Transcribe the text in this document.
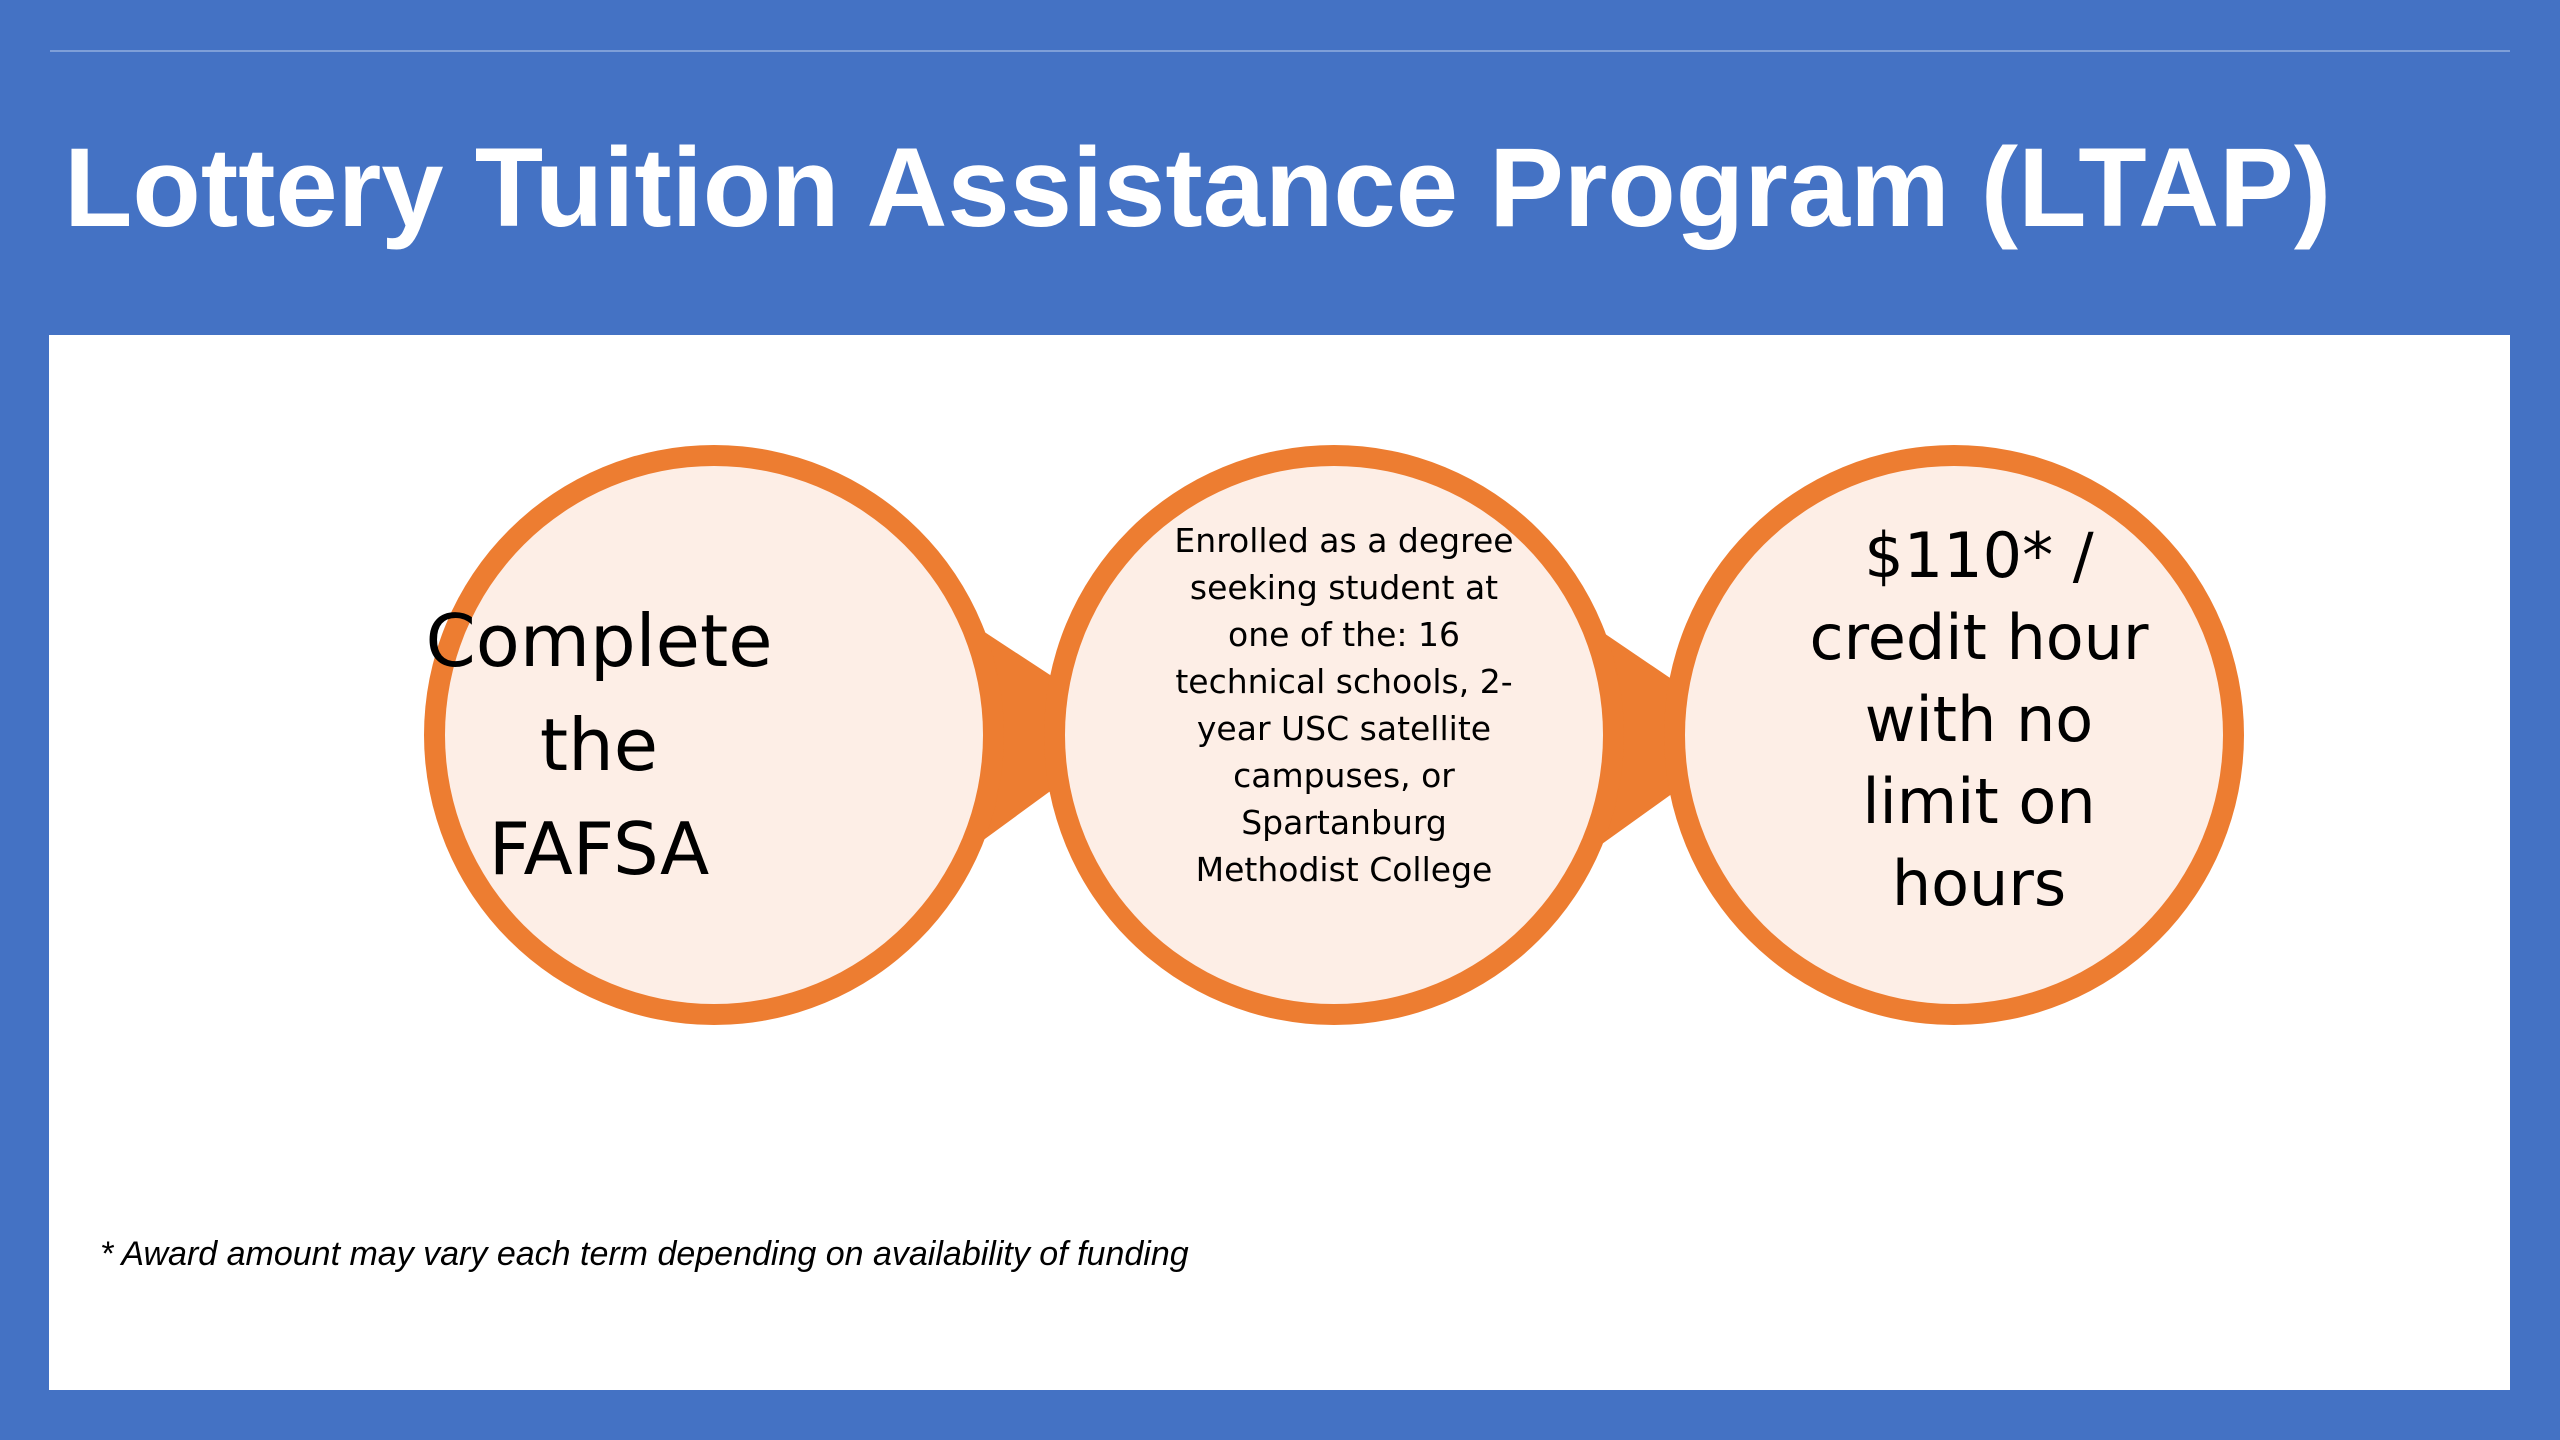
Lottery Tuition Assistance Program (LTAP)
Complete
the
FAFSA
Enrolled as a degree
seeking student at
one of the: 16
technical schools, 2-
year USC satellite
campuses, or
Spartanburg
Methodist College
$110* /
credit hour
with no
limit on
hours

* Award amount may vary each term depending on availability of funding
